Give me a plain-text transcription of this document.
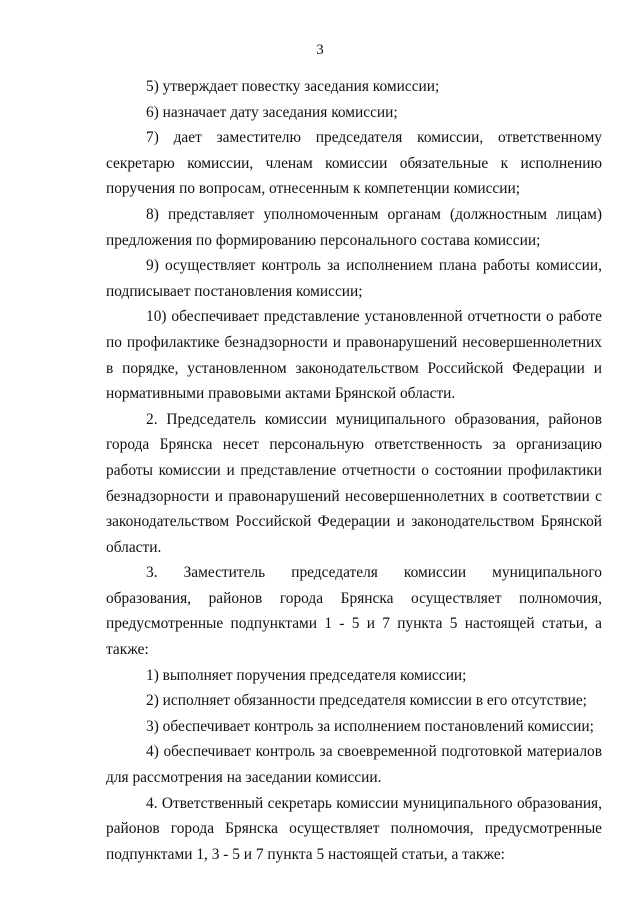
3

5) утверждает повестку заседания комиссии;

6) назначает дату заседания комиссии;

7) дает заместителю председателя комиссии, ответственному секретарю комиссии, членам комиссии обязательные к исполнению поручения по вопросам, отнесенным к компетенции комиссии;

8) представляет уполномоченным органам (должностным лицам) предложения по формированию персонального состава комиссии;

9) осуществляет контроль за исполнением плана работы комиссии, подписывает постановления комиссии;

10) обеспечивает представление установленной отчетности о работе по профилактике безнадзорности и правонарушений несовершеннолетних в порядке, установленном законодательством Российской Федерации и нормативными правовыми актами Брянской области.

2. Председатель комиссии муниципального образования, районов города Брянска несет персональную ответственность за организацию работы комиссии и представление отчетности о состоянии профилактики безнадзорности и правонарушений несовершеннолетних в соответствии с законодательством Российской Федерации и законодательством Брянской области.

3. Заместитель председателя комиссии муниципального образования, районов города Брянска осуществляет полномочия, предусмотренные подпунктами 1 - 5 и 7 пункта 5 настоящей статьи, а также:

1) выполняет поручения председателя комиссии;

2) исполняет обязанности председателя комиссии в его отсутствие;

3) обеспечивает контроль за исполнением постановлений комиссии;

4) обеспечивает контроль за своевременной подготовкой материалов для рассмотрения на заседании комиссии.

4. Ответственный секретарь комиссии муниципального образования, районов города Брянска осуществляет полномочия, предусмотренные подпунктами 1, 3 - 5 и 7 пункта 5 настоящей статьи, а также:
